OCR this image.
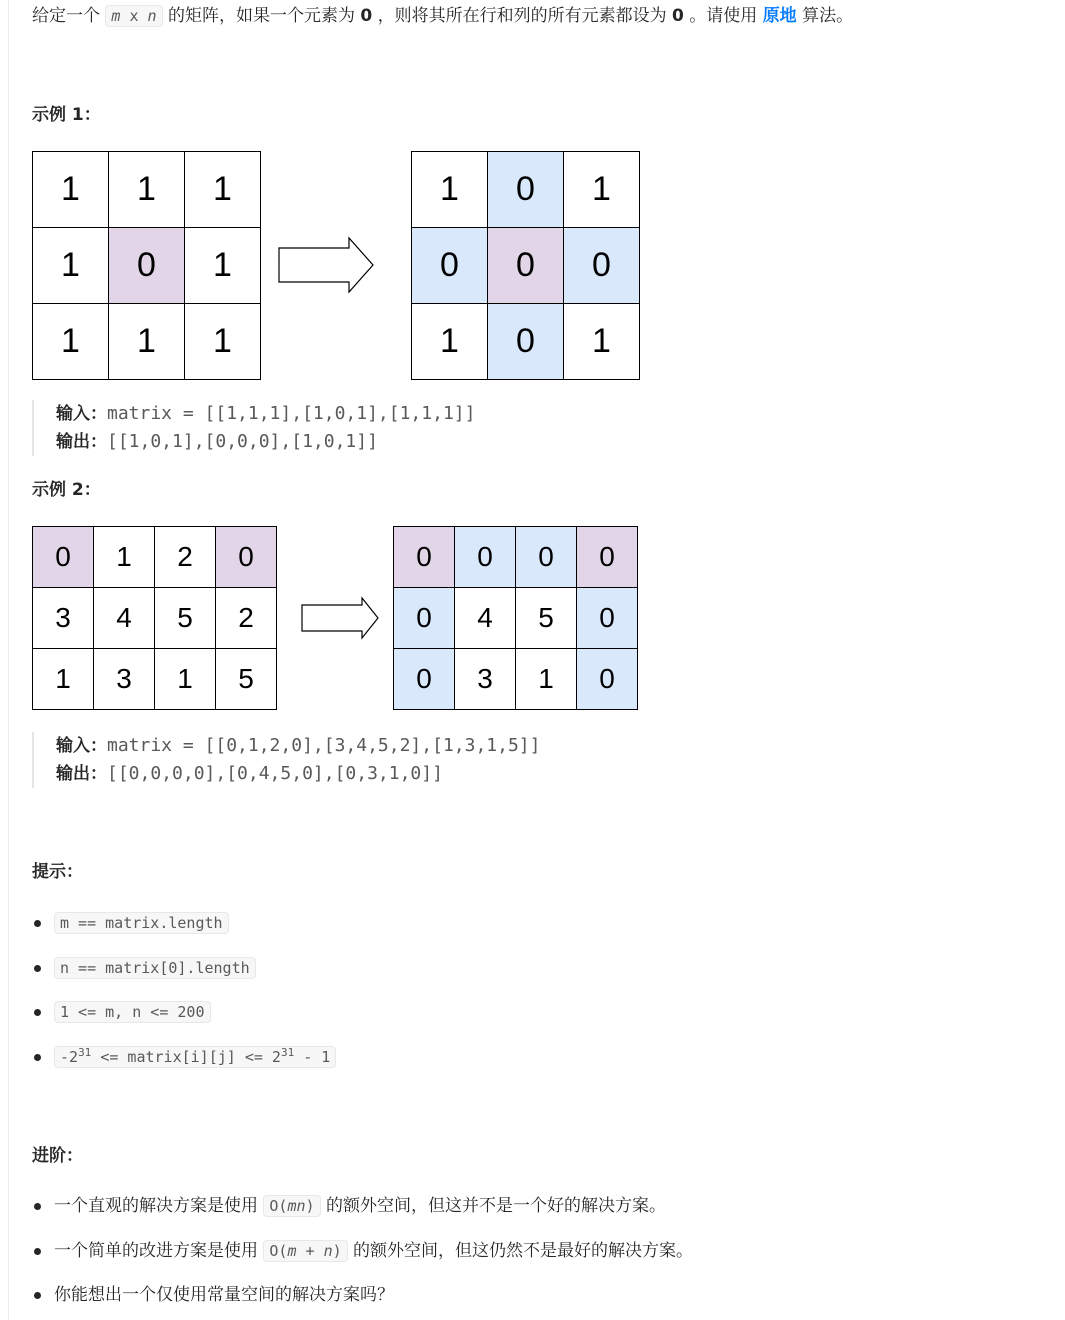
给定一个 m x n 的矩阵，如果一个元素为 0 ，则将其所在行和列的所有元素都设为 0 。请使用 原地 算法。
示例 1：
1	1	1
1	0	1
1	1	1
1	0	1
0	0	0
1	0	1
输入：matrix = [[1,1,1],[1,0,1],[1,1,1]]
输出：[[1,0,1],[0,0,0],[1,0,1]]
示例 2：
0	1	2	0
3	4	5	2
1	3	1	5
0	0	0	0
0	4	5	0
0	3	1	0
输入：matrix = [[0,1,2,0],[3,4,5,2],[1,3,1,5]]
输出：[[0,0,0,0],[0,4,5,0],[0,3,1,0]]
提示：
m == matrix.length
n == matrix[0].length
1 <= m, n <= 200
$-2^{31}$ <= matrix[i][j] <= $2^{31} - 1$
进阶：
一个直观的解决方案是使用 O(mn) 的额外空间，但这并不是一个好的解决方案。
一个简单的改进方案是使用 O(m + n) 的额外空间，但这仍然不是最好的解决方案。
你能想出一个仅使用常量空间的解决方案吗？
